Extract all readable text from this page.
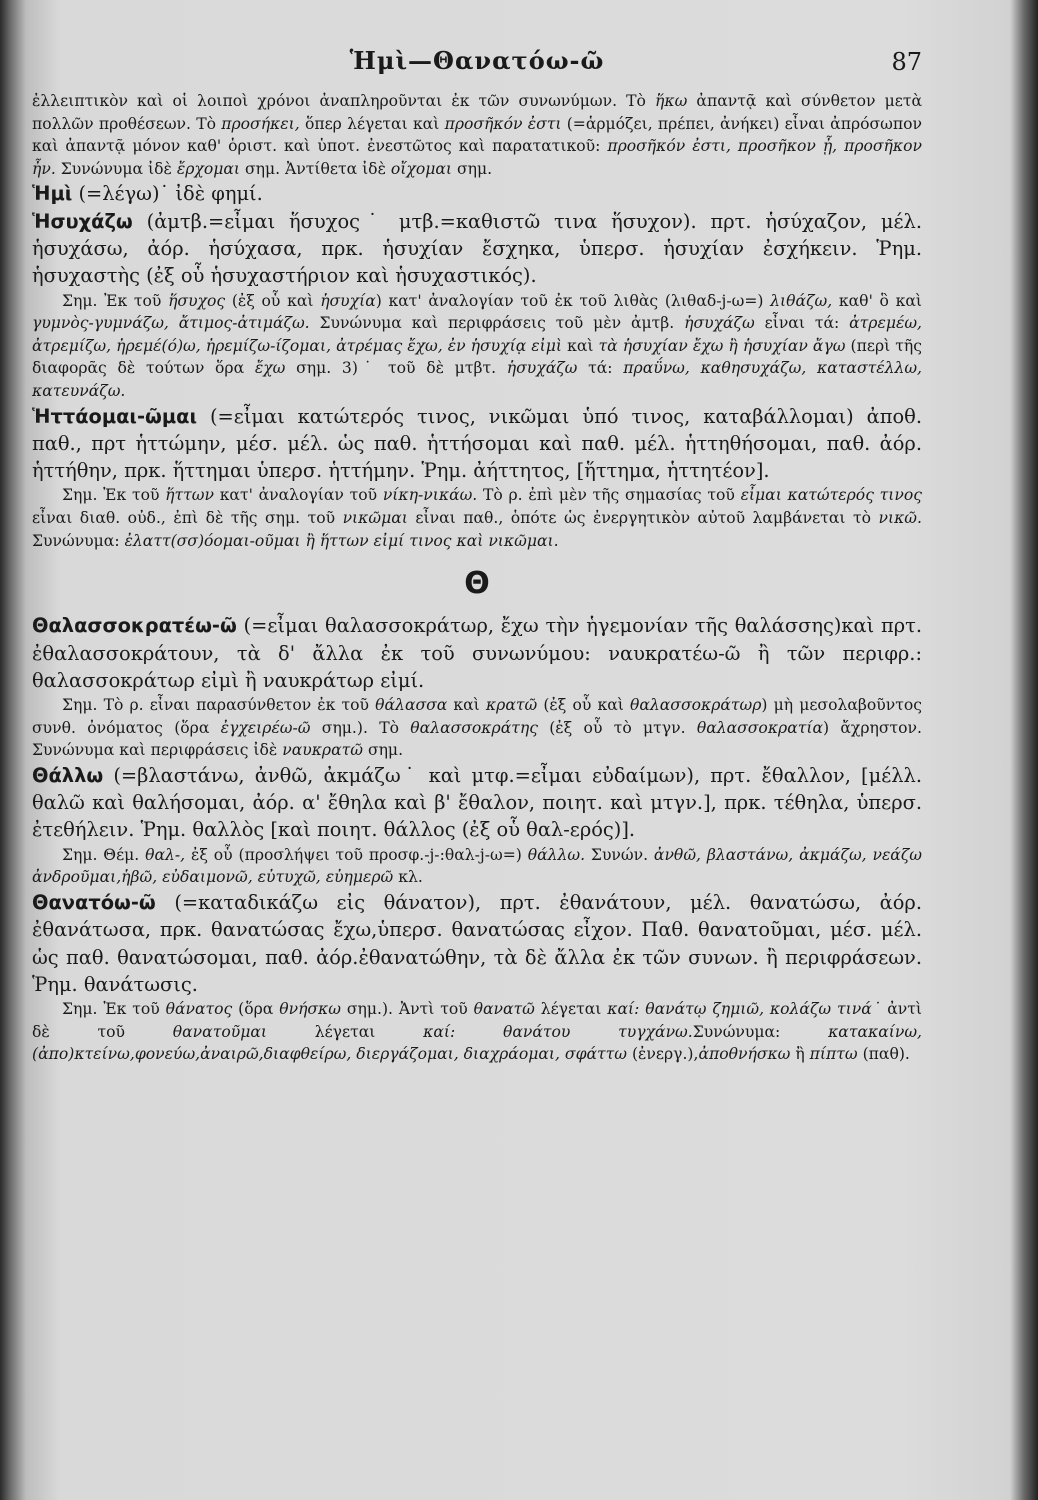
Ἡμὶ—Θανατόω-ῶ	87

ἐλλειπτικὸν καὶ οἱ λοιποὶ χρόνοι ἀναπληροῦνται ἐκ τῶν συνωνύμων. Τὸ ἥκω ἀπαντᾷ καὶ σύνθετον μετὰ πολλῶν προθέσεων. Τὸ προσήκει, ὅπερ λέγεται καὶ προσῆκόν ἐστι (=ἁρμόζει, πρέπει, ἀνήκει) εἶναι ἀπρόσωπον καὶ ἀπαντᾷ μόνον καθ' ὁριστ. καὶ ὑποτ. ἐνεστῶτος καὶ παρατατικοῦ: προσῆκόν ἐστι, προσῆκον ᾖ, προσῆκον ἦν. Συνώνυμα ἰδὲ ἔρχομαι σημ. Ἀντίθετα ἰδὲ οἴχομαι σημ.

Ἡμὶ (=λέγω)˙ ἰδὲ φημί.

Ἡσυχάζω (ἀμτβ.=εἶμαι ἥσυχος˙ μτβ.=καθιστῶ τινα ἥσυχον). πρτ. ἡσύχαζον, μέλ. ἡσυχάσω, ἀόρ. ἡσύχασα, πρκ. ἡσυχίαν ἔσχηκα, ὑπερσ. ἡσυχίαν ἐσχήκειν. Ῥημ. ἡσυχαστὴς (ἐξ οὗ ἡσυχαστήριον καὶ ἡσυχαστικός).

Σημ. Ἐκ τοῦ ἥσυχος (ἐξ οὗ καὶ ἡσυχία) κατ' ἀναλογίαν τοῦ ἐκ τοῦ λιθὰς (λιθαδ-j-ω=) λιθάζω, καθ' ὃ καὶ γυμνὸς-γυμνάζω, ἄτιμος-ἀτιμάζω. Συνώνυμα καὶ περιφράσεις τοῦ μὲν ἀμτβ. ἡσυχάζω εἶναι τά: ἀτρεμέω, ἀτρεμίζω, ἠρεμέ(ό)ω, ἠρεμίζω-ίζομαι, ἀτρέμας ἔχω, ἐν ἡσυχίᾳ εἰμὶ καὶ τὰ ἡσυχίαν ἔχω ἢ ἡσυχίαν ἄγω (περὶ τῆς διαφορᾶς δὲ τούτων ὅρα ἔχω σημ. 3)˙ τοῦ δὲ μτβτ. ἡσυχάζω τά: πραΰνω, καθησυχάζω, καταστέλλω, κατευνάζω.

Ἡττάομαι-ῶμαι (=εἶμαι κατώτερός τινος, νικῶμαι ὑπό τινος, καταβάλλομαι) ἀποθ. παθ., πρτ ἡττώμην, μέσ. μέλ. ὡς παθ. ἡττήσομαι καὶ παθ. μέλ. ἡττηθήσομαι, παθ. ἀόρ. ἡττήθην, πρκ. ἥττημαι ὑπερσ. ἡττήμην. Ῥημ. ἀήττητος, [ἥττημα, ἡττητέον].

Σημ. Ἐκ τοῦ ἥττων κατ' ἀναλογίαν τοῦ νίκη-νικάω. Τὸ ρ. ἐπὶ μὲν τῆς σημασίας τοῦ εἶμαι κατώτερός τινος εἶναι διαθ. οὐδ., ἐπὶ δὲ τῆς σημ. τοῦ νικῶμαι εἶναι παθ., ὁπότε ὡς ἐνεργητικὸν αὐτοῦ λαμβάνεται τὸ νικῶ. Συνώνυμα: ἐλαττ(σσ)όομαι-οῦμαι ἢ ἥττων εἰμί τινος καὶ νικῶμαι.

Θ

Θαλασσοκρατέω-ῶ (=εἶμαι θαλασσοκράτωρ, ἔχω τὴν ἡγεμονίαν τῆς θαλάσσης)καὶ πρτ. ἐθαλασσοκράτουν, τὰ δ' ἄλλα ἐκ τοῦ συνωνύμου: ναυκρατέω-ῶ ἢ τῶν περιφρ.: θαλασσοκράτωρ εἰμὶ ἢ ναυκράτωρ εἰμί.

Σημ. Τὸ ρ. εἶναι παρασύνθετον ἐκ τοῦ θάλασσα καὶ κρατῶ (ἐξ οὗ καὶ θαλασσοκράτωρ) μὴ μεσολαβοῦντος συνθ. ὀνόματος (ὅρα ἐγχειρέω-ῶ σημ.). Τὸ θαλασσοκράτης (ἐξ οὗ τὸ μτγν. θαλασσοκρατία) ἄχρηστον. Συνώνυμα καὶ περιφράσεις ἰδὲ ναυκρατῶ σημ.

Θάλλω (=βλαστάνω, ἀνθῶ, ἀκμάζω˙ καὶ μτφ.=εἶμαι εὐδαίμων), πρτ. ἔθαλλον, [μέλλ. θαλῶ καὶ θαλήσομαι, ἀόρ. α' ἔθηλα καὶ β' ἔθαλον, ποιητ. καὶ μτγν.], πρκ. τέθηλα, ὑπερσ. ἐτεθήλειν. Ῥημ. θαλλὸς [καὶ ποιητ. θάλλος (ἐξ οὗ θαλ-ερός)].

Σημ. Θέμ. θαλ-, ἐξ οὗ (προσλήψει τοῦ προσφ.-j-:θαλ-j-ω=) θάλλω. Συνών. ἀνθῶ, βλαστάνω, ἀκμάζω, νεάζω ἀνδροῦμαι,ἡβῶ, εὐδαιμονῶ, εὐτυχῶ, εὐημερῶ κλ.

Θανατόω-ῶ (=καταδικάζω εἰς θάνατον), πρτ. ἐθανάτουν, μέλ. θανατώσω, ἀόρ. ἐθανάτωσα, πρκ. θανατώσας ἔχω,ὑπερσ. θανατώσας εἶχον. Παθ. θανατοῦμαι, μέσ. μέλ. ὡς παθ. θανατώσομαι, παθ. ἀόρ.ἐθανατώθην, τὰ δὲ ἄλλα ἐκ τῶν συνων. ἢ περιφράσεων. Ῥημ. θανάτωσις.

Σημ. Ἐκ τοῦ θάνατος (ὅρα θνήσκω σημ.). Ἀντὶ τοῦ θανατῶ λέγεται καί: θανάτῳ ζημιῶ, κολάζω τινά˙ ἀντὶ δὲ τοῦ θανατοῦμαι λέγεται καί: θανάτου τυγχάνω.Συνώνυμα: κατακαίνω,(ἀπο)κτείνω,φονεύω,ἀναιρῶ,διαφθείρω, διεργάζομαι, διαχράομαι, σφάττω (ἐνεργ.),ἀποθνήσκω ἢ πίπτω (παθ).
